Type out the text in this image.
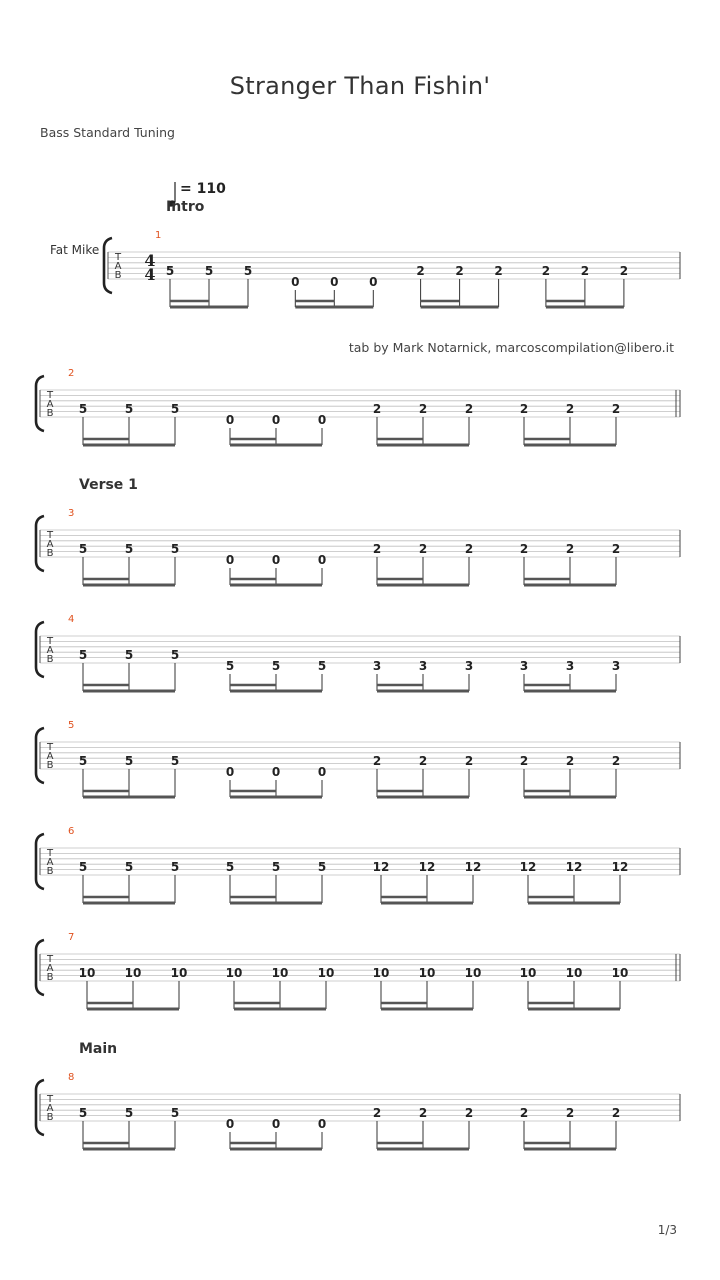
Stranger Than Fishin'
Bass Standard Tuning
= 110
Intro
Verse 1
Main
Fat Mike
tab by Mark Notarnick, marcoscompilation@libero.it
1/3
T
A
B
4
4
1
5	5	5
0	0	0
2	2	2	2	2	2
T
A
B
2
5	5	5
0	0	0
2	2	2	2	2	2
T
A
B
3
5	5	5
0	0	0
2	2	2	2	2	2
T
A
B
4
5	5	5
5	5	5	3	3	3	3	3	3
T
A
B
5
5	5	5
0	0	0
2	2	2	2	2	2
T
A
B
6
5	5	5	5	5	5	12 12 12	12 12 12
T
A
B
7
10 10 10	10 10 10	10 10 10	10 10 10
T
A
B
8
5	5	5
0	0	0
2	2	2	2	2	2
